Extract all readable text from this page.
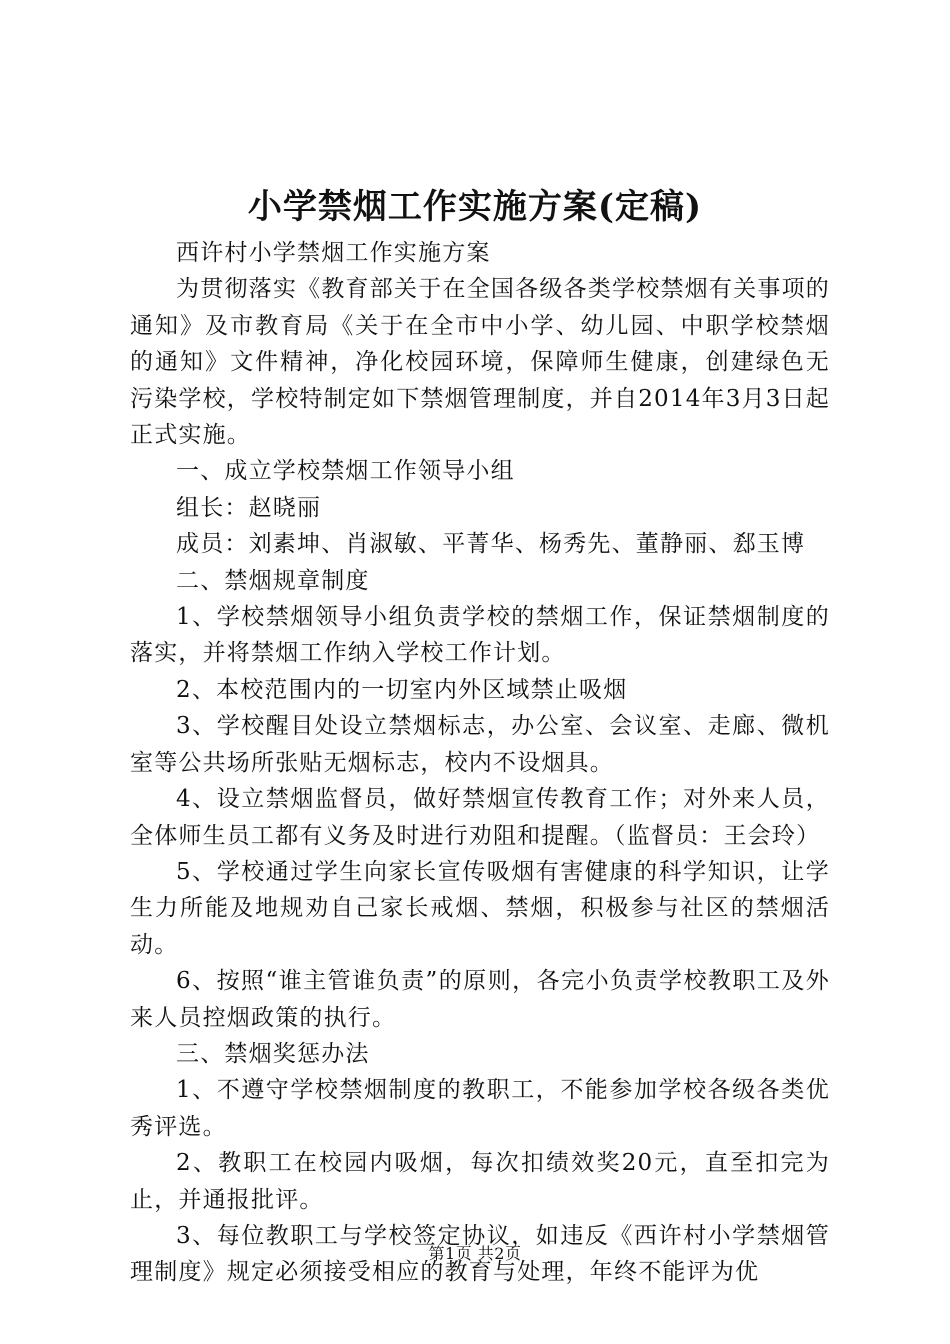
小学禁烟工作实施方案(定稿)

西许村小学禁烟工作实施方案

为贯彻落实《教育部关于在全国各级各类学校禁烟有关事项的通知》及市教育局《关于在全市中小学、幼儿园、中职学校禁烟的通知》文件精神，净化校园环境，保障师生健康，创建绿色无污染学校，学校特制定如下禁烟管理制度，并自2014年3月3日起正式实施。

一、成立学校禁烟工作领导小组

组长：赵晓丽

成员：刘素坤、肖淑敏、平菁华、杨秀先、董静丽、郄玉博

二、禁烟规章制度

1、学校禁烟领导小组负责学校的禁烟工作，保证禁烟制度的落实，并将禁烟工作纳入学校工作计划。

2、本校范围内的一切室内外区域禁止吸烟

3、学校醒目处设立禁烟标志，办公室、会议室、走廊、微机室等公共场所张贴无烟标志，校内不设烟具。

4、设立禁烟监督员，做好禁烟宣传教育工作；对外来人员，全体师生员工都有义务及时进行劝阻和提醒。（监督员：王会玲）

5、学校通过学生向家长宣传吸烟有害健康的科学知识，让学生力所能及地规劝自己家长戒烟、禁烟，积极参与社区的禁烟活动。

6、按照“谁主管谁负责”的原则，各完小负责学校教职工及外来人员控烟政策的执行。

三、禁烟奖惩办法

1、不遵守学校禁烟制度的教职工，不能参加学校各级各类优秀评选。

2、教职工在校园内吸烟，每次扣绩效奖20元，直至扣完为止，并通报批评。

3、每位教职工与学校签定协议，如违反《西许村小学禁烟管理制度》规定必须接受相应的教育与处理，年终不能评为优

第1页 共2页
